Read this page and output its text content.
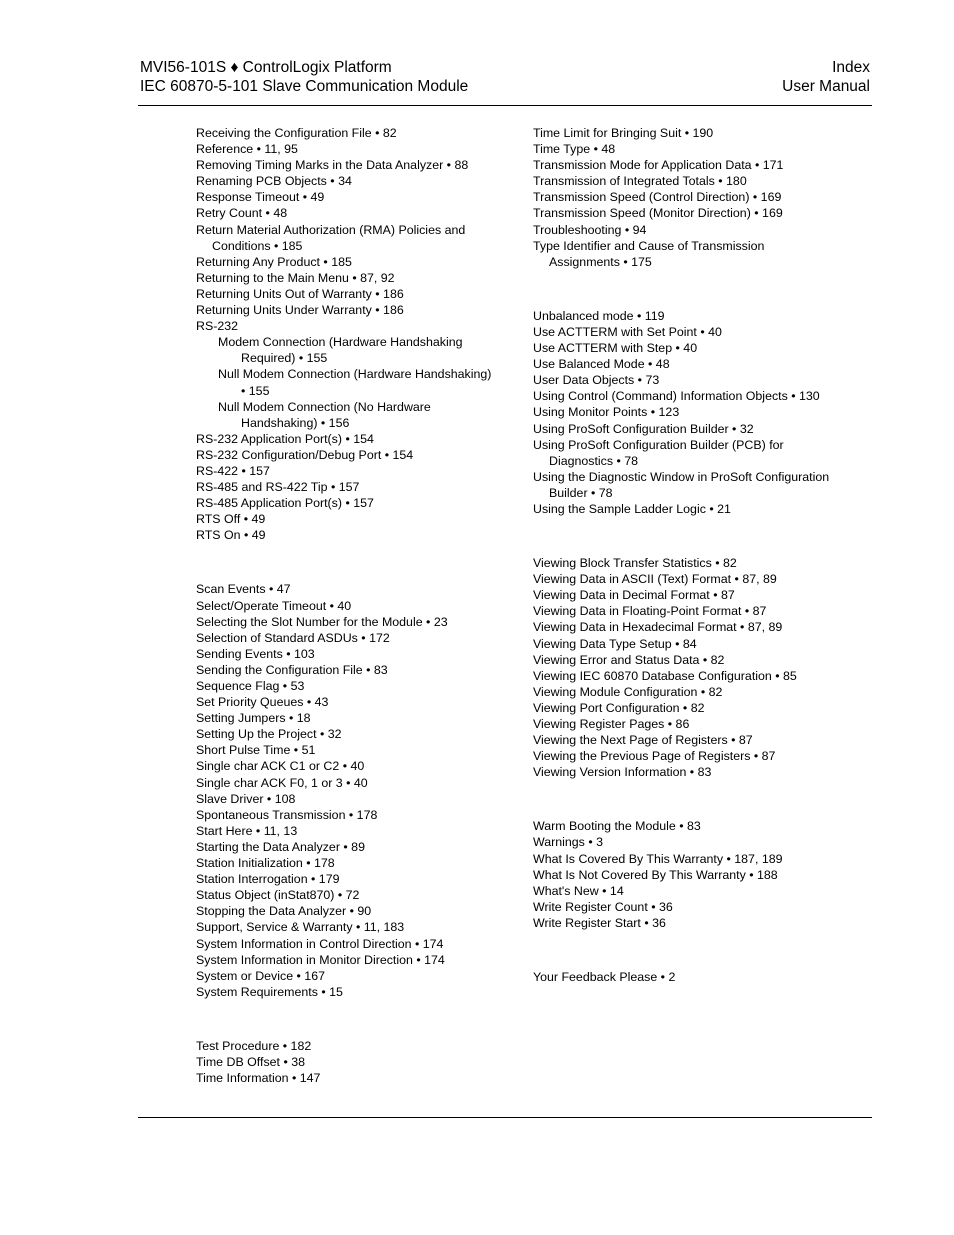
MVI56-101S ♦ ControlLogix Platform
IEC 60870-5-101 Slave Communication Module
Index
User Manual
Receiving the Configuration File • 82
Reference • 11, 95
Removing Timing Marks in the Data Analyzer • 88
Renaming PCB Objects • 34
Response Timeout • 49
Retry Count • 48
Return Material Authorization (RMA) Policies and
Conditions • 185
Returning Any Product • 185
Returning to the Main Menu • 87, 92
Returning Units Out of Warranty • 186
Returning Units Under Warranty • 186
RS-232
Modem Connection (Hardware Handshaking
Required) • 155
Null Modem Connection (Hardware Handshaking)
• 155
Null Modem Connection (No Hardware
Handshaking) • 156
RS-232 Application Port(s) • 154
RS-232 Configuration/Debug Port • 154
RS-422 • 157
RS-485 and RS-422 Tip • 157
RS-485 Application Port(s) • 157
RTS Off • 49
RTS On • 49
Scan Events • 47
Select/Operate Timeout • 40
Selecting the Slot Number for the Module • 23
Selection of Standard ASDUs • 172
Sending Events • 103
Sending the Configuration File • 83
Sequence Flag • 53
Set Priority Queues • 43
Setting Jumpers • 18
Setting Up the Project • 32
Short Pulse Time • 51
Single char ACK C1 or C2 • 40
Single char ACK F0, 1 or 3 • 40
Slave Driver • 108
Spontaneous Transmission • 178
Start Here • 11, 13
Starting the Data Analyzer • 89
Station Initialization • 178
Station Interrogation • 179
Status Object (inStat870) • 72
Stopping the Data Analyzer • 90
Support, Service & Warranty • 11, 183
System Information in Control Direction • 174
System Information in Monitor Direction • 174
System or Device • 167
System Requirements • 15
Test Procedure • 182
Time DB Offset • 38
Time Information • 147
Time Limit for Bringing Suit • 190
Time Type • 48
Transmission Mode for Application Data • 171
Transmission of Integrated Totals • 180
Transmission Speed (Control Direction) • 169
Transmission Speed (Monitor Direction) • 169
Troubleshooting • 94
Type Identifier and Cause of Transmission
Assignments • 175
Unbalanced mode • 119
Use ACTTERM with Set Point • 40
Use ACTTERM with Step • 40
Use Balanced Mode • 48
User Data Objects • 73
Using Control (Command) Information Objects • 130
Using Monitor Points • 123
Using ProSoft Configuration Builder • 32
Using ProSoft Configuration Builder (PCB) for
Diagnostics • 78
Using the Diagnostic Window in ProSoft Configuration
Builder • 78
Using the Sample Ladder Logic • 21
Viewing Block Transfer Statistics • 82
Viewing Data in ASCII (Text) Format • 87, 89
Viewing Data in Decimal Format • 87
Viewing Data in Floating-Point Format • 87
Viewing Data in Hexadecimal Format • 87, 89
Viewing Data Type Setup • 84
Viewing Error and Status Data • 82
Viewing IEC 60870 Database Configuration • 85
Viewing Module Configuration • 82
Viewing Port Configuration • 82
Viewing Register Pages • 86
Viewing the Next Page of Registers • 87
Viewing the Previous Page of Registers • 87
Viewing Version Information • 83
Warm Booting the Module • 83
Warnings • 3
What Is Covered By This Warranty • 187, 189
What Is Not Covered By This Warranty • 188
What's New • 14
Write Register Count • 36
Write Register Start • 36
Your Feedback Please • 2
